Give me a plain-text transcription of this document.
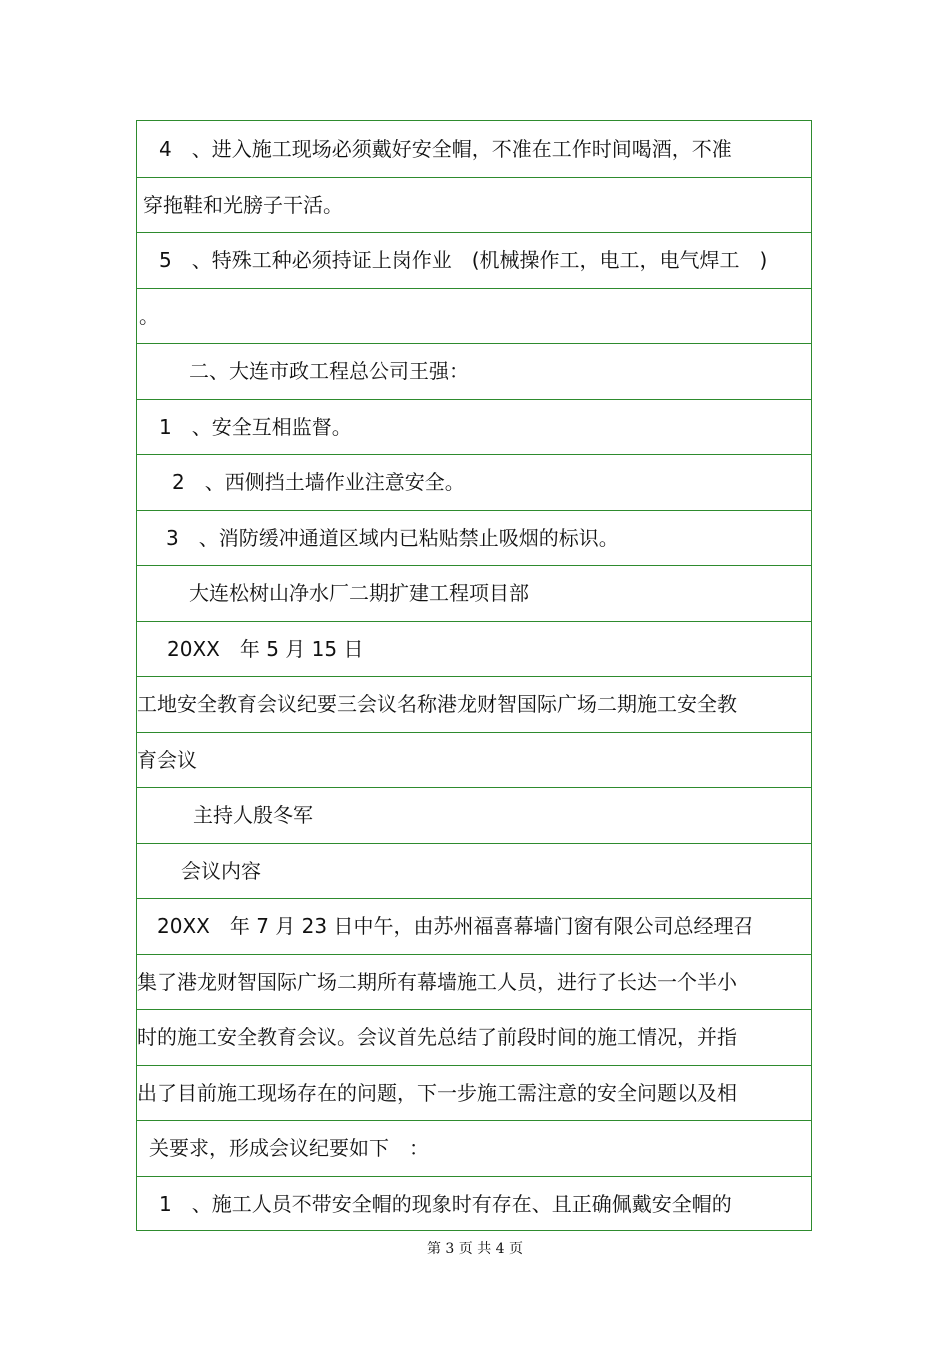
4　、进入施工现场必须戴好安全帽，不准在工作时间喝酒，不准
穿拖鞋和光膀子干活。
5　、特殊工种必须持证上岗作业　(机械操作工，电工，电气焊工　)
。
二、大连市政工程总公司王强：
1　、安全互相监督。
2　、西侧挡土墙作业注意安全。
3　、消防缓冲通道区域内已粘贴禁止吸烟的标识。
大连松树山净水厂二期扩建工程项目部
20XX　年 5 月 15 日
工地安全教育会议纪要三会议名称港龙财智国际广场二期施工安全教
育会议
主持人殷冬军
会议内容
20XX　年 7 月 23 日中午，由苏州福喜幕墙门窗有限公司总经理召
集了港龙财智国际广场二期所有幕墙施工人员，进行了长达一个半小
时的施工安全教育会议。会议首先总结了前段时间的施工情况，并指
出了目前施工现场存在的问题，下一步施工需注意的安全问题以及相
关要求，形成会议纪要如下　：
1　、施工人员不带安全帽的现象时有存在、且正确佩戴安全帽的
第 3 页 共 4 页
